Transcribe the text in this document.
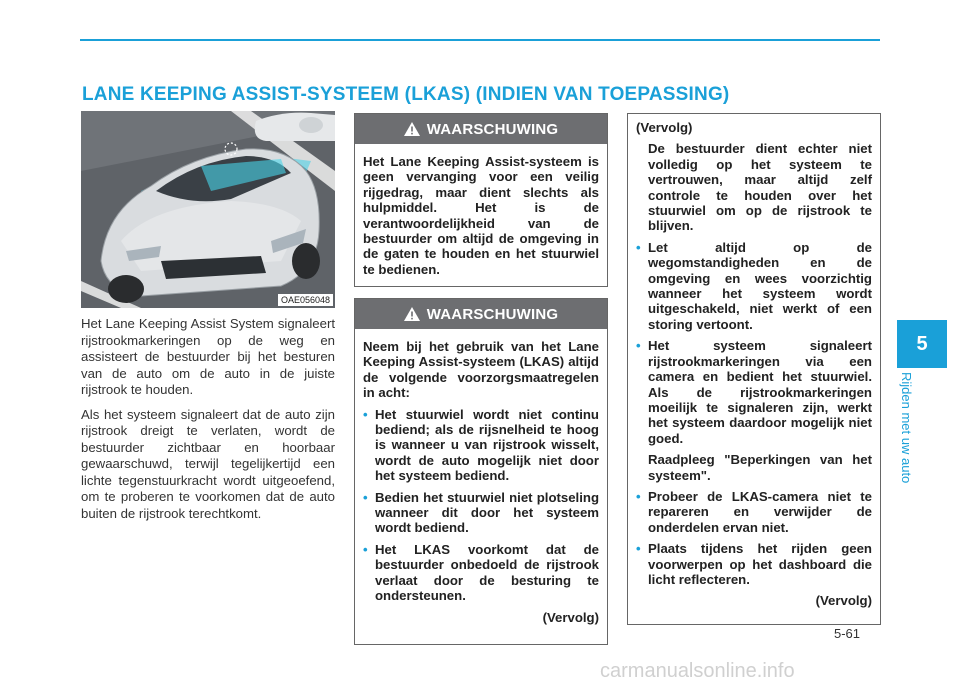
LANE KEEPING ASSIST-SYSTEEM (LKAS) (INDIEN VAN TOEPASSING)
5
Rijden met uw auto
OAE056048

Het Lane Keeping Assist System signaleert rijstrookmarkeringen op de weg en assisteert de bestuurder bij het besturen van de auto om de auto in de juiste rijstrook te houden.

Als het systeem signaleert dat de auto zijn rijstrook dreigt te verlaten, wordt de bestuurder zichtbaar en hoorbaar gewaarschuwd, terwijl tegelijkertijd een lichte tegenstuurkracht wordt uitgeoefend, om te proberen te voorkomen dat de auto buiten de rijstrook terechtkomt.

WAARSCHUWING

Het Lane Keeping Assist-systeem is geen vervanging voor een veilig rijgedrag, maar dient slechts als hulpmiddel. Het is de verantwoordelijkheid van de bestuurder om altijd de omgeving in de gaten te houden en het stuurwiel te bedienen.

WAARSCHUWING

Neem bij het gebruik van het Lane Keeping Assist-systeem (LKAS) altijd de volgende voorzorgsmaatregelen in acht:

• Het stuurwiel wordt niet continu bediend; als de rijsnelheid te hoog is wanneer u van rijstrook wisselt, wordt de auto mogelijk niet door het systeem bediend.
• Bedien het stuurwiel niet plotseling wanneer dit door het systeem wordt bediend.
• Het LKAS voorkomt dat de bestuurder onbedoeld de rijstrook verlaat door de besturing te ondersteunen.

(Vervolg)

(Vervolg)

De bestuurder dient echter niet volledig op het systeem te vertrouwen, maar altijd zelf controle te houden over het stuurwiel om op de rijstrook te blijven.

• Let altijd op de wegomstandigheden en de omgeving en wees voorzichtig wanneer het systeem wordt uitgeschakeld, niet werkt of een storing vertoont.
• Het systeem signaleert rijstrookmarkeringen via een camera en bedient het stuurwiel. Als de rijstrookmarkeringen moeilijk te signaleren zijn, werkt het systeem daardoor mogelijk niet goed.

Raadpleeg "Beperkingen van het systeem".

• Probeer de LKAS-camera niet te repareren en verwijder de onderdelen ervan niet.
• Plaats tijdens het rijden geen voorwerpen op het dashboard die licht reflecteren.

(Vervolg)

5-61
carmanualsonline.info
